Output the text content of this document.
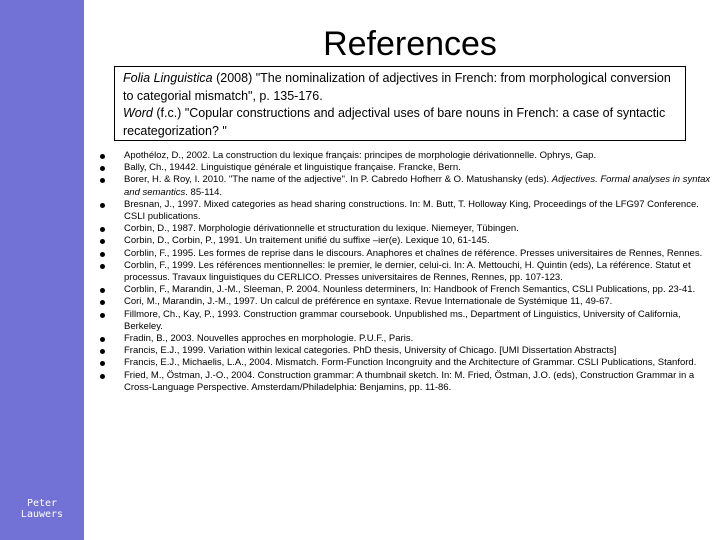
Peter
Lauwers
References

Folia Linguistica (2008) "The nominalization of adjectives in French: from morphological conversion to categorial mismatch", p. 135-176.

Word (f.c.) "Copular constructions and adjectival uses of bare nouns in French: a case of syntactic recategorization? "

Apothéloz, D., 2002. La construction du lexique français: principes de morphologie dérivationnelle. Ophrys, Gap.
Bally, Ch., 19442. Linguistique générale et linguistique française. Francke, Bern.
Borer, H. & Roy, I. 2010. "The name of the adjective". In P. Cabredo Hofherr & O. Matushansky (eds). Adjectives. Formal analyses in syntax and semantics. 85-114.
Bresnan, J., 1997. Mixed categories as head sharing constructions. In: M. Butt, T. Holloway King, Proceedings of the LFG97 Conference. CSLI publications.
Corbin, D., 1987. Morphologie dérivationnelle et structuration du lexique. Niemeyer, Tübingen.
Corbin, D., Corbin, P., 1991. Un traitement unifié du suffixe –ier(e). Lexique 10, 61-145.
Corblin, F., 1995. Les formes de reprise dans le discours. Anaphores et chaînes de référence. Presses universitaires de Rennes, Rennes.
Corblin, F., 1999. Les références mentionnelles: le premier, le dernier, celui-ci. In: A. Mettouchi, H. Quintin (eds), La référence. Statut et processus. Travaux linguistiques du CERLICO. Presses universitaires de Rennes, Rennes, pp. 107-123.
Corblin, F., Marandin, J.-M., Sleeman, P. 2004. Nounless determiners, In: Handbook of French Semantics, CSLI Publications, pp. 23-41.
Cori, M., Marandin, J.-M., 1997. Un calcul de préférence en syntaxe. Revue Internationale de Systémique 11, 49-67.
Fillmore, Ch., Kay, P., 1993. Construction grammar coursebook. Unpublished ms., Department of Linguistics, University of California, Berkeley.
Fradin, B., 2003. Nouvelles approches en morphologie. P.U.F., Paris.
Francis, E.J., 1999. Variation within lexical categories. PhD thesis, University of Chicago. [UMI Dissertation Abstracts]
Francis, E.J., Michaelis, L.A., 2004. Mismatch. Form-Function Incongruity and the Architecture of Grammar. CSLI Publications, Stanford.
Fried, M., Östman, J.-O., 2004. Construction grammar: A thumbnail sketch. In: M. Fried, Östman, J.O. (eds), Construction Grammar in a Cross-Language Perspective. Amsterdam/Philadelphia: Benjamins, pp. 11-86.
